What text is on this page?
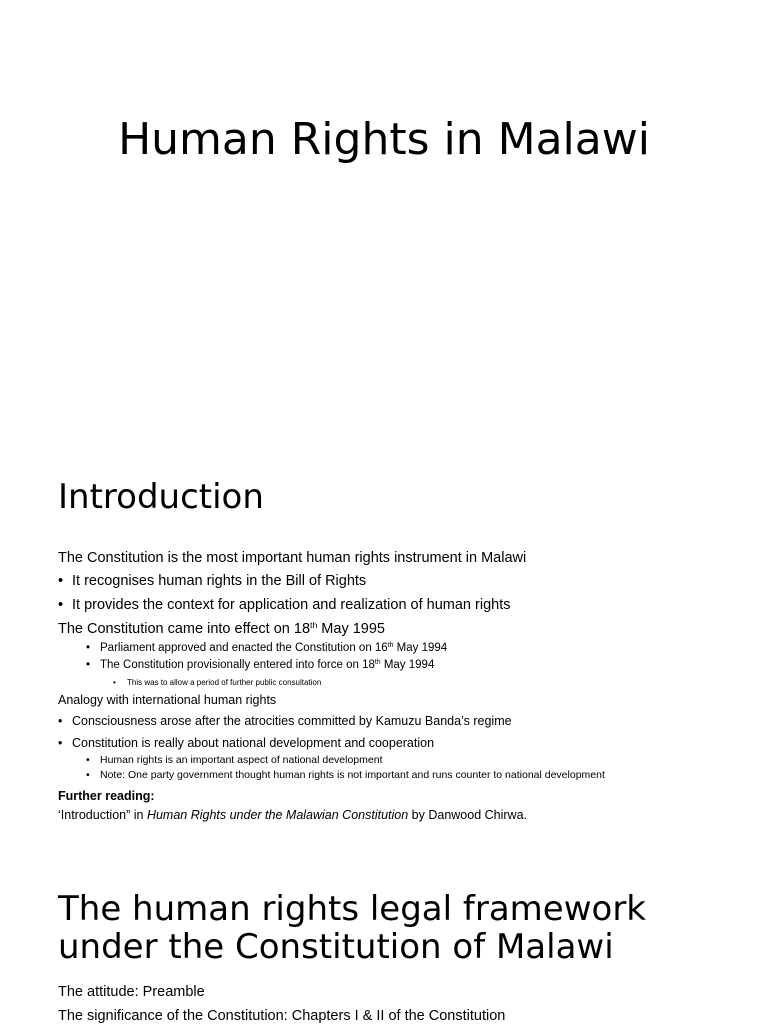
Human Rights in Malawi
Introduction
The Constitution is the most important human rights instrument in Malawi
• It recognises human rights in the Bill of Rights
• It provides the context for application and realization of human rights
The Constitution came into effect on 18th May 1995
• Parliament approved and enacted the Constitution on 16th May 1994
• The Constitution provisionally entered into force on 18th May 1994
• This was to allow a period of further public consultation
Analogy with international human rights
• Consciousness arose after the atrocities committed by Kamuzu Banda’s regime
• Constitution is really about national development and cooperation
• Human rights is an important aspect of national development
• Note: One party government thought human rights is not important and runs counter to national development
Further reading:
‘Introduction” in Human Rights under the Malawian Constitution by Danwood Chirwa.
The human rights legal framework under the Constitution of Malawi
The attitude: Preamble
The significance of the Constitution: Chapters I & II of the Constitution
